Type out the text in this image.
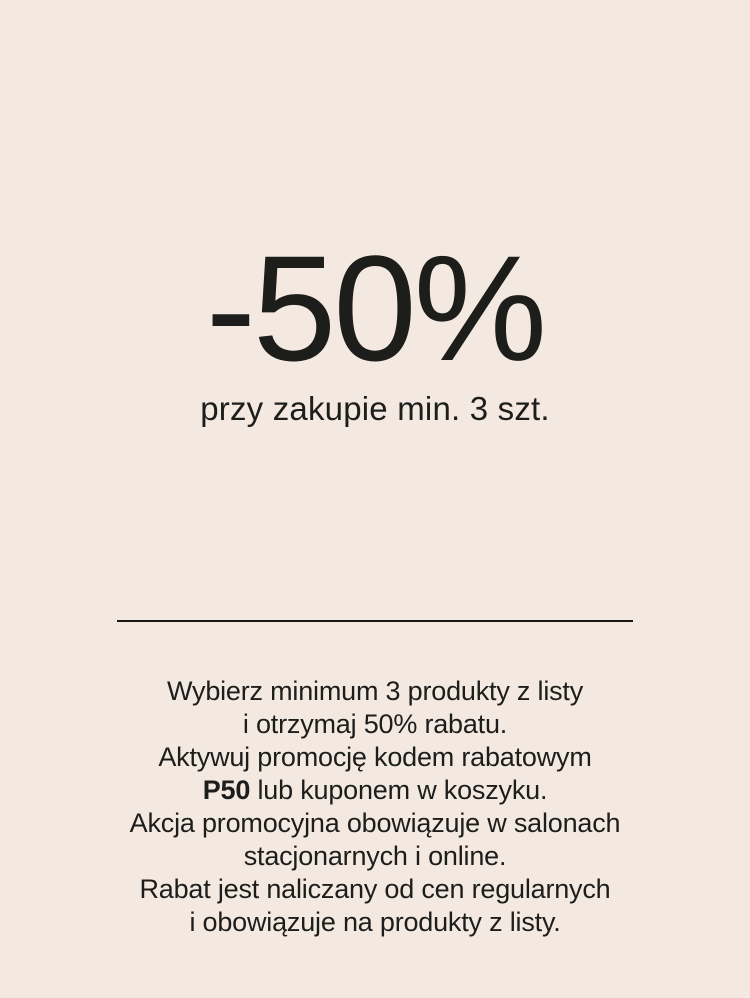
-50%

przy zakupie min. 3 szt.

Wybierz minimum 3 produkty z listy

i otrzymaj 50% rabatu.

Aktywuj promocję kodem rabatowym

P50 lub kuponem w koszyku.

Akcja promocyjna obowiązuje w salonach

stacjonarnych i online.

Rabat jest naliczany od cen regularnych

i obowiązuje na produkty z listy.
